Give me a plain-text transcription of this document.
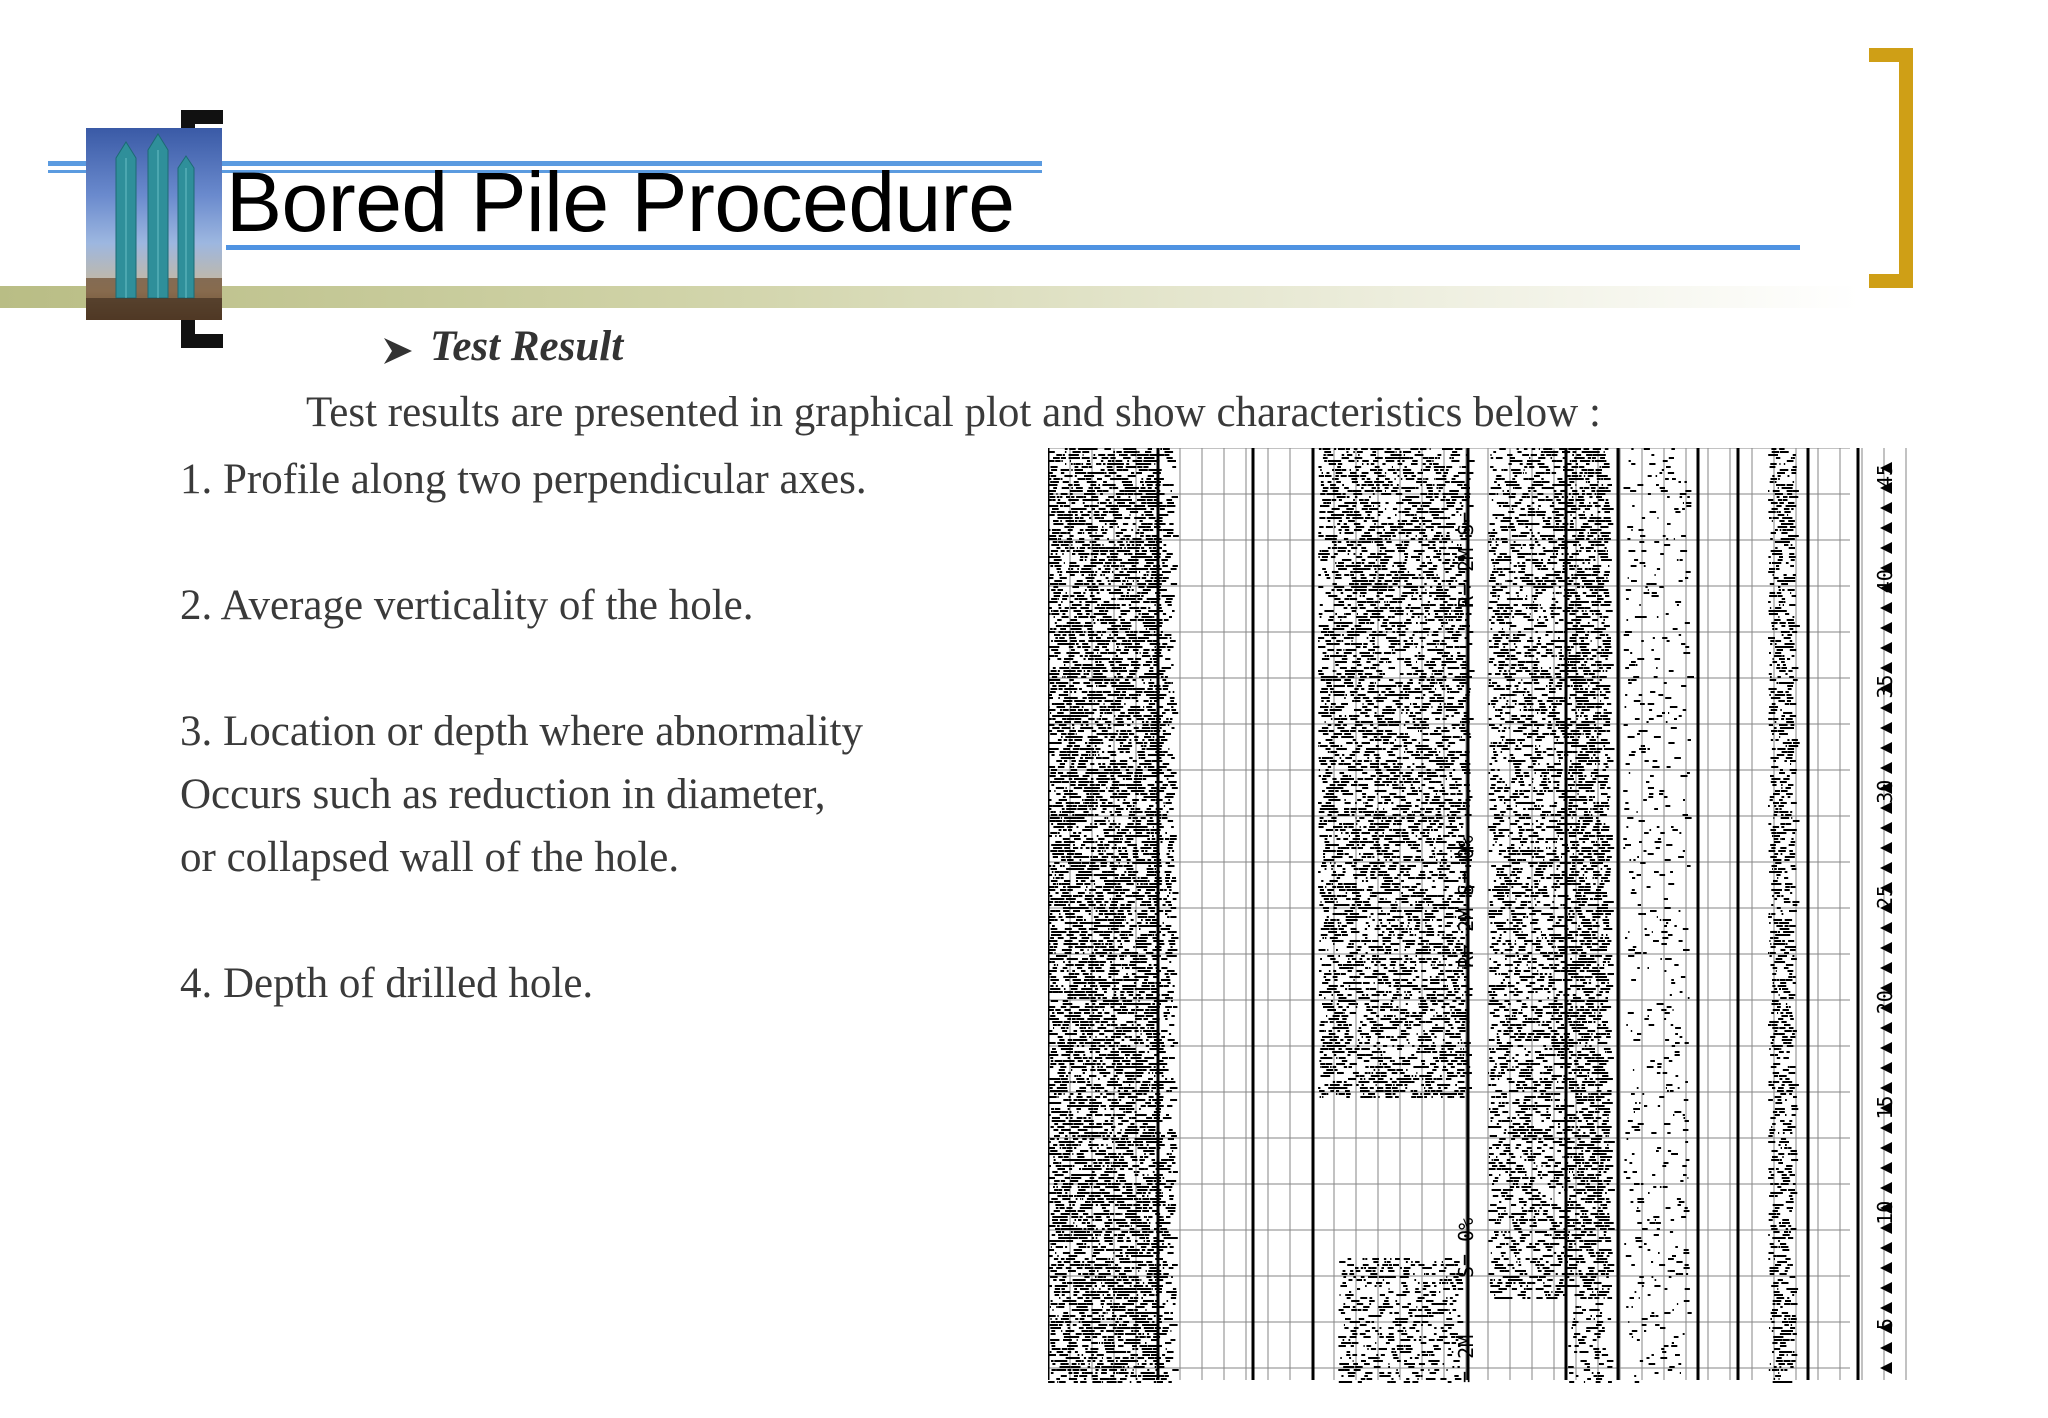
Bored Pile Procedure
Test Result
Test results are presented in graphical plot and show characteristics below :

1. Profile along two perpendicular axes.

2. Average verticality of the hole.

3. Location or depth where abnormality

Occurs such as reduction in diameter,

or collapsed wall of the hole.

4. Depth of drilled hole.

5
10
20
25
30
40
45
R= 2M S=
R= 2M S= 0%
S= 0%
= 2M
